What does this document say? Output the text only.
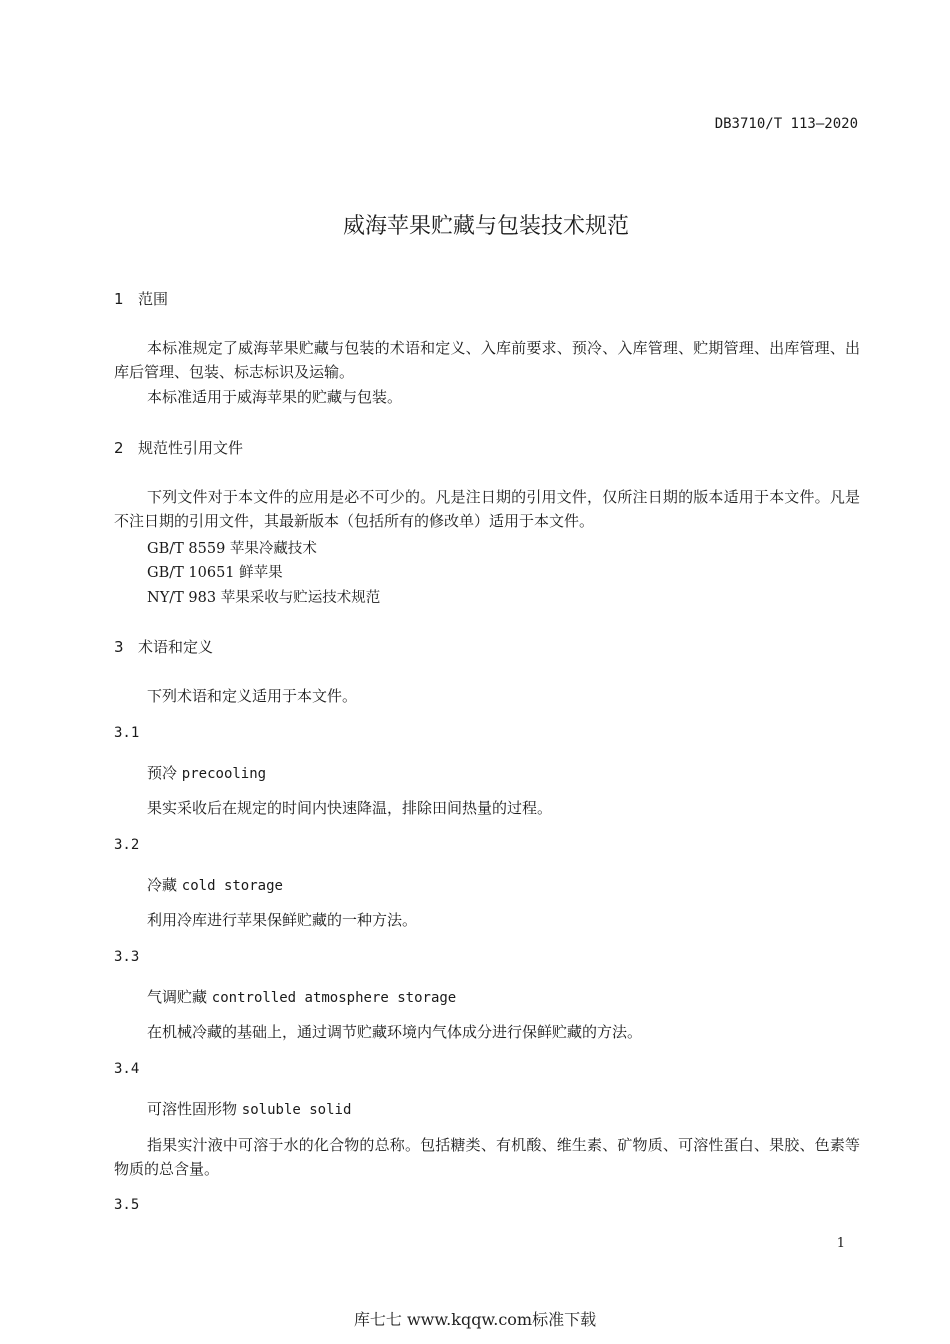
DB3710/T 113—2020
威海苹果贮藏与包装技术规范
1 范围
本标准规定了威海苹果贮藏与包装的术语和定义、入库前要求、预冷、入库管理、贮期管理、出库管理、出库后管理、包装、标志标识及运输。
本标准适用于威海苹果的贮藏与包装。
2 规范性引用文件
下列文件对于本文件的应用是必不可少的。凡是注日期的引用文件，仅所注日期的版本适用于本文件。凡是不注日期的引用文件，其最新版本（包括所有的修改单）适用于本文件。
GB/T 8559 苹果冷藏技术
GB/T 10651 鲜苹果
NY/T 983 苹果采收与贮运技术规范
3 术语和定义
下列术语和定义适用于本文件。
3.1
预冷 precooling
果实采收后在规定的时间内快速降温，排除田间热量的过程。
3.2
冷藏 cold storage
利用冷库进行苹果保鲜贮藏的一种方法。
3.3
气调贮藏 controlled atmosphere storage
在机械冷藏的基础上，通过调节贮藏环境内气体成分进行保鲜贮藏的方法。
3.4
可溶性固形物 soluble solid
指果实汁液中可溶于水的化合物的总称。包括糖类、有机酸、维生素、矿物质、可溶性蛋白、果胶、色素等物质的总含量。
3.5
1
库七七 www.kqqw.com标准下载
